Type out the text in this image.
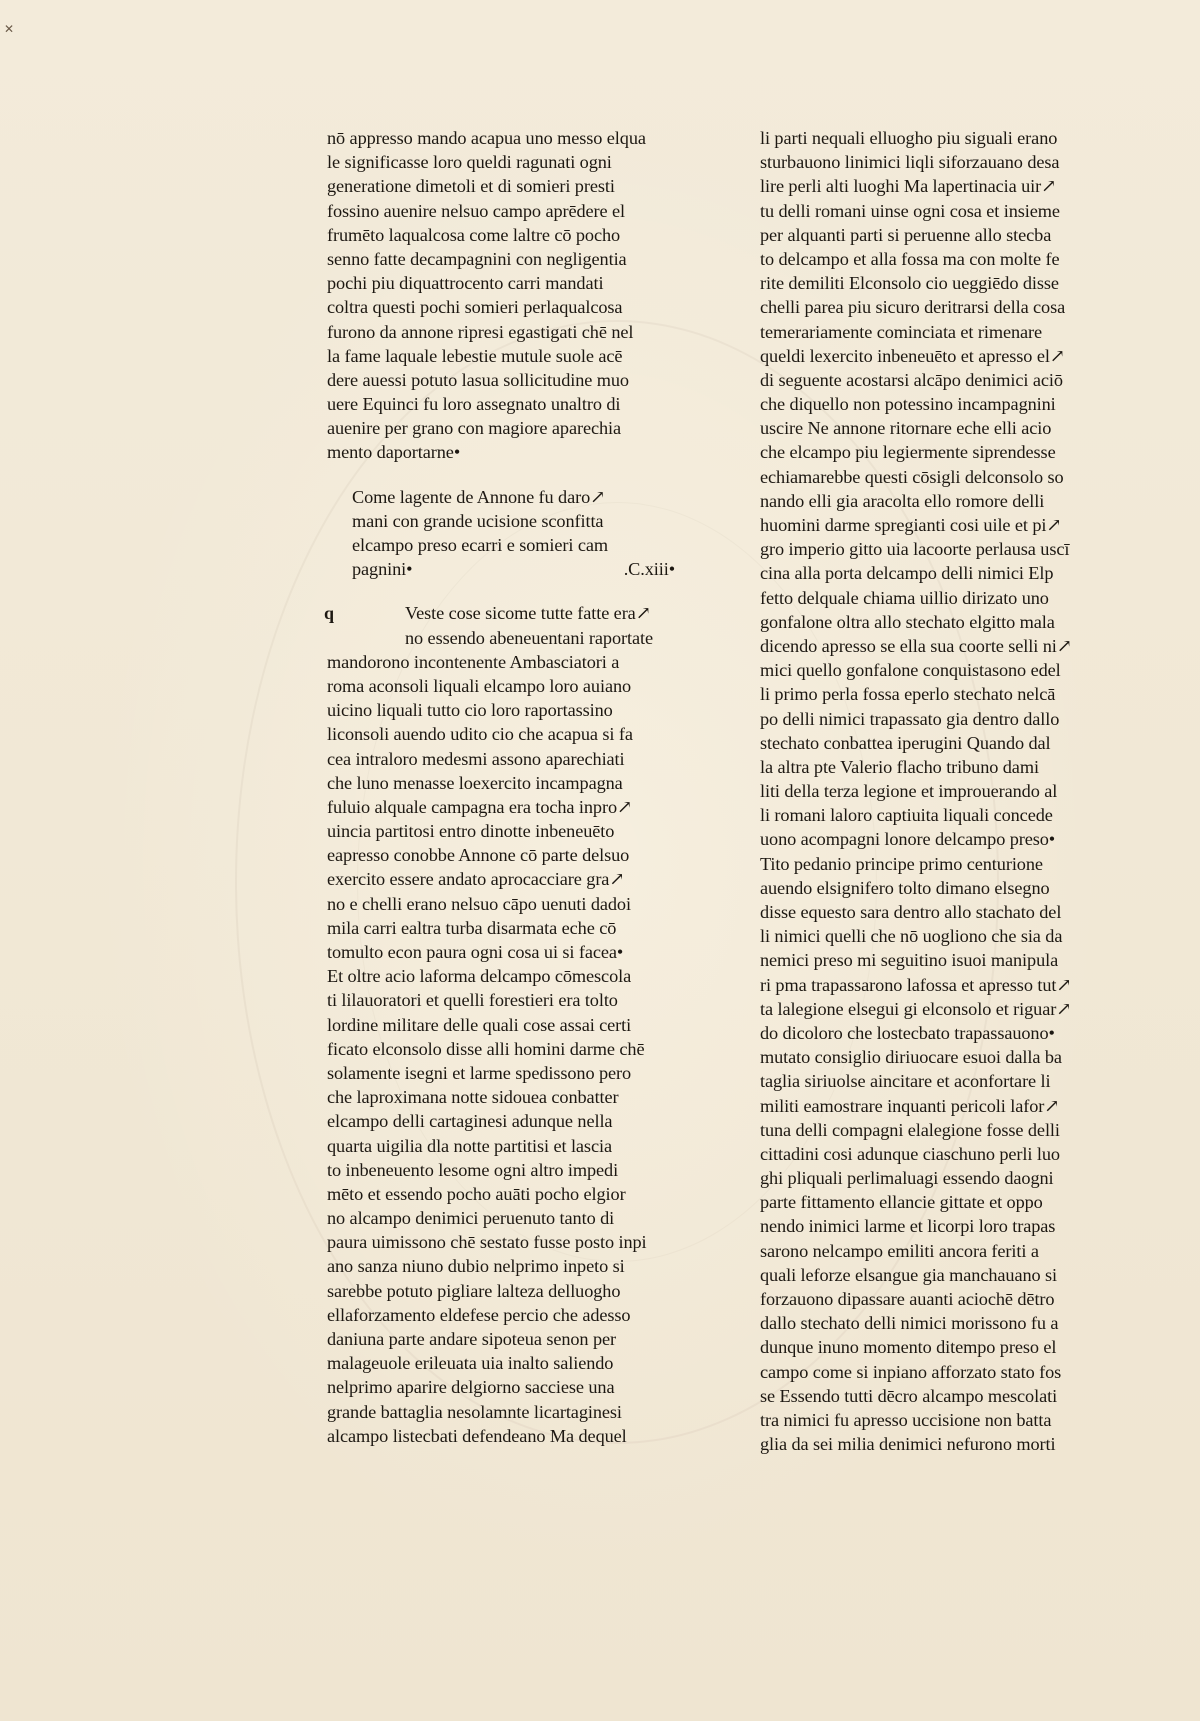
✕
nō appresso mando acapua uno messo elqua
le significasse loro queldi ragunati ogni
generatione dimetoli et di somieri presti
fossino auenire nelsuo campo aprēdere el
frumēto laqualcosa come laltre cō pocho
senno fatte decampagnini con negligentia
pochi piu diquattrocento carri mandati
coltra questi pochi somieri perlaqualcosa
furono da annone ripresi egastigati chē nel
la fame laquale lebestie mutule suole acē
dere auessi potuto lasua sollicitudine muo
uere Equinci fu loro assegnato unaltro di
auenire per grano con magiore aparechia
mento daportarne•
Come lagente de Annone fu daro↗
mani con grande ucisione sconfitta
elcampo preso ecarri e somieri cam
pagnini•	.C.xiii•
q	Veste cose sicome tutte fatte era↗
no essendo abeneuentani raportate
mandorono incontenente Ambasciatori a
roma aconsoli liquali elcampo loro auiano
uicino liquali tutto cio loro raportassino
liconsoli auendo udito cio che acapua si fa
cea intraloro medesmi assono aparechiati
che luno menasse loexercito incampagna
fuluio alquale campagna era tocha inpro↗
uincia partitosi entro dinotte inbeneuēto
eapresso conobbe Annone cō parte delsuo
exercito essere andato aprocacciare gra↗
no e chelli erano nelsuo cāpo uenuti dadoi
mila carri ealtra turba disarmata eche cō
tomulto econ paura ogni cosa ui si facea•
Et oltre acio laforma delcampo cōmescola
ti lilauoratori et quelli forestieri era tolto
lordine militare delle quali cose assai certi
ficato elconsolo disse alli homini darme chē
solamente isegni et larme spedissono pero
che laproximana notte sidouea conbatter
elcampo delli cartaginesi adunque nella
quarta uigilia dla notte partitisi et lascia
to inbeneuento lesome ogni altro impedi
mēto et essendo pocho auāti pocho elgior
no alcampo denimici peruenuto tanto di
paura uimissono chē sestato fusse posto inpi
ano sanza niuno dubio nelprimo inpeto si
sarebbe potuto pigliare lalteza delluogho
ellaforzamento eldefese percio che adesso
daniuna parte andare sipoteua senon per
malageuole erileuata uia inalto saliendo
nelprimo aparire delgiorno sacciese una
grande battaglia nesolamnte licartaginesi
alcampo listecbati defendeano Ma dequel
li parti nequali elluogho piu siguali erano
sturbauono linimici liqli siforzauano desa
lire perli alti luoghi Ma lapertinacia uir↗
tu delli romani uinse ogni cosa et insieme
per alquanti parti si peruenne allo stecba
to delcampo et alla fossa ma con molte fe
rite demiliti Elconsolo cio ueggiēdo disse
chelli parea piu sicuro deritrarsi della cosa
temerariamente cominciata et rimenare
queldi lexercito inbeneuēto et apresso el↗
di seguente acostarsi alcāpo denimici aciō
che diquello non potessino incampagnini
uscire Ne annone ritornare eche elli acio
che elcampo piu legiermente siprendesse
echiamarebbe questi cōsigli delconsolo so
nando elli gia aracolta ello romore delli
huomini darme spregianti cosi uile et pi↗
gro imperio gitto uia lacoorte perlausa uscī
cina alla porta delcampo delli nimici Elp
fetto delquale chiama uillio dirizato uno
gonfalone oltra allo stechato elgitto mala
dicendo apresso se ella sua coorte selli ni↗
mici quello gonfalone conquistasono edel
li primo perla fossa eperlo stechato nelcā
po delli nimici trapassato gia dentro dallo
stechato conbattea iperugini Quando dal
la altra pte Valerio flacho tribuno dami
liti della terza legione et improuerando al
li romani laloro captiuita liquali concede
uono acompagni lonore delcampo preso•
Tito pedanio principe primo centurione
auendo elsignifero tolto dimano elsegno
disse equesto sara dentro allo stachato del
li nimici quelli che nō uogliono che sia da
nemici preso mi seguitino isuoi manipula
ri pma trapassarono lafossa et apresso tut↗
ta lalegione elsegui gi elconsolo et riguar↗
do dicoloro che lostecbato trapassauono•
mutato consiglio diriuocare esuoi dalla ba
taglia siriuolse aincitare et aconfortare li
militi eamostrare inquanti pericoli lafor↗
tuna delli compagni elalegione fosse delli
cittadini cosi adunque ciaschuno perli luo
ghi pliquali perlimaluagi essendo daogni
parte fittamento ellancie gittate et oppo
nendo inimici larme et licorpi loro trapas
sarono nelcampo emiliti ancora feriti a
quali leforze elsangue gia manchauano si
forzauono dipassare auanti aciochē dētro
dallo stechato delli nimici morissono fu a
dunque inuno momento ditempo preso el
campo come si inpiano afforzato stato fos
se Essendo tutti dēcro alcampo mescolati
tra nimici fu apresso uccisione non batta
glia da sei milia denimici nefurono morti
